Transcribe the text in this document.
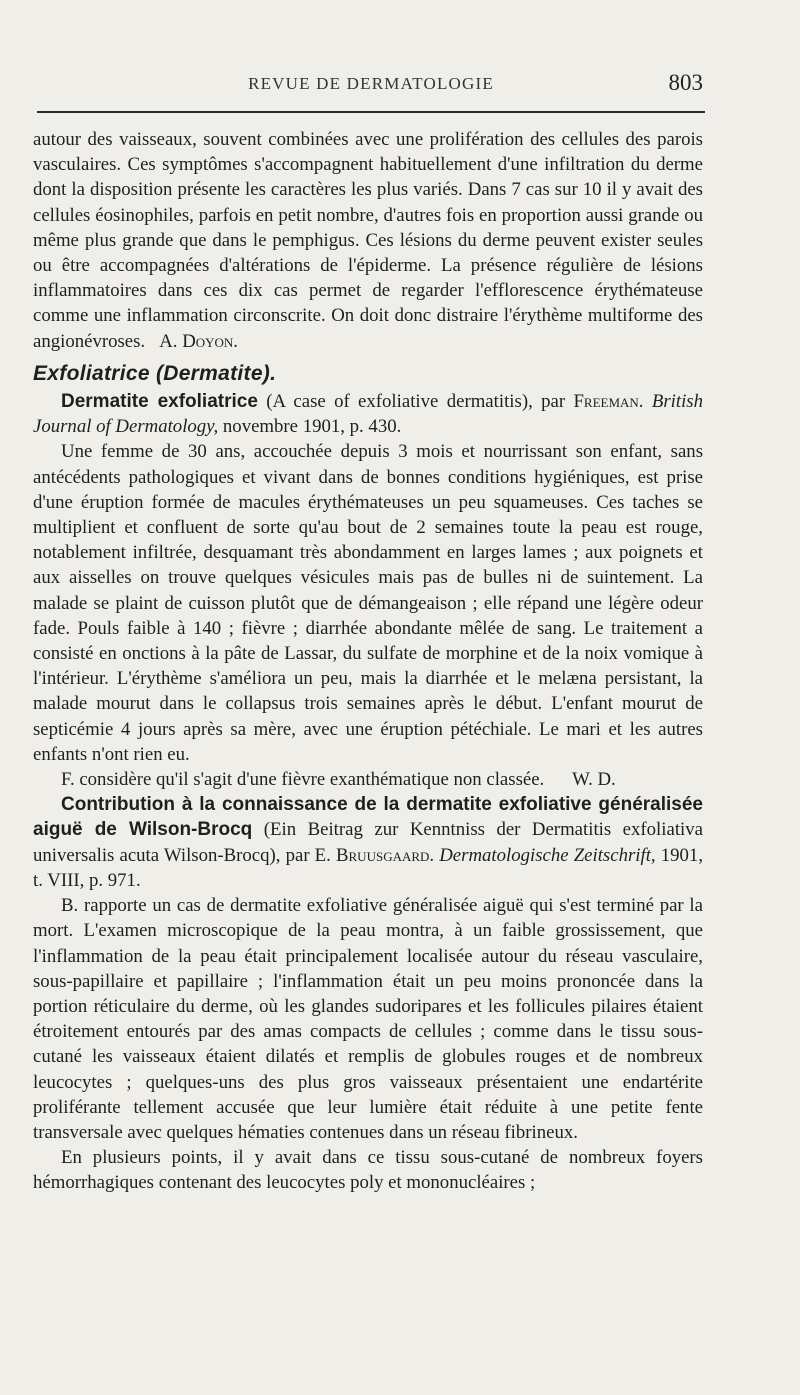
REVUE DE DERMATOLOGIE	803

autour des vaisseaux, souvent combinées avec une prolifération des cellules des parois vasculaires. Ces symptômes s'accompagnent habituellement d'une infiltration du derme dont la disposition présente les caractères les plus variés. Dans 7 cas sur 10 il y avait des cellules éosinophiles, parfois en petit nombre, d'autres fois en proportion aussi grande ou même plus grande que dans le pemphigus. Ces lésions du derme peuvent exister seules ou être accompagnées d'altérations de l'épiderme. La présence régulière de lésions inflammatoires dans ces dix cas permet de regarder l'efflorescence érythémateuse comme une inflammation circonscrite. On doit donc distraire l'érythème multiforme des angionévroses. A. Doyon.

Exfoliatrice (Dermatite).

Dermatite exfoliatrice (A case of exfoliative dermatitis), par Freeman. British Journal of Dermatology, novembre 1901, p. 430.

Une femme de 30 ans, accouchée depuis 3 mois et nourrissant son enfant, sans antécédents pathologiques et vivant dans de bonnes conditions hygiéniques, est prise d'une éruption formée de macules érythémateuses un peu squameuses. Ces taches se multiplient et confluent de sorte qu'au bout de 2 semaines toute la peau est rouge, notablement infiltrée, desquamant très abondamment en larges lames ; aux poignets et aux aisselles on trouve quelques vésicules mais pas de bulles ni de suintement. La malade se plaint de cuisson plutôt que de démangeaison ; elle répand une légère odeur fade. Pouls faible à 140 ; fièvre ; diarrhée abondante mêlée de sang. Le traitement a consisté en onctions à la pâte de Lassar, du sulfate de morphine et de la noix vomique à l'intérieur. L'érythème s'améliora un peu, mais la diarrhée et le melæna persistant, la malade mourut dans le collapsus trois semaines après le début. L'enfant mourut de septicémie 4 jours après sa mère, avec une éruption pétéchiale. Le mari et les autres enfants n'ont rien eu.

F. considère qu'il s'agit d'une fièvre exanthématique non classée. W. D.

Contribution à la connaissance de la dermatite exfoliative généralisée aiguë de Wilson-Brocq (Ein Beitrag zur Kenntniss der Dermatitis exfoliativa universalis acuta Wilson-Brocq), par E. Bruusgaard. Dermatologische Zeitschrift, 1901, t. VIII, p. 971.

B. rapporte un cas de dermatite exfoliative généralisée aiguë qui s'est terminé par la mort. L'examen microscopique de la peau montra, à un faible grossissement, que l'inflammation de la peau était principalement localisée autour du réseau vasculaire, sous-papillaire et papillaire ; l'inflammation était un peu moins prononcée dans la portion réticulaire du derme, où les glandes sudoripares et les follicules pilaires étaient étroitement entourés par des amas compacts de cellules ; comme dans le tissu sous-cutané les vaisseaux étaient dilatés et remplis de globules rouges et de nombreux leucocytes ; quelques-uns des plus gros vaisseaux présentaient une endartérite proliférante tellement accusée que leur lumière était réduite à une petite fente transversale avec quelques hématies contenues dans un réseau fibrineux.

En plusieurs points, il y avait dans ce tissu sous-cutané de nombreux foyers hémorrhagiques contenant des leucocytes poly et mononucléaires ;
